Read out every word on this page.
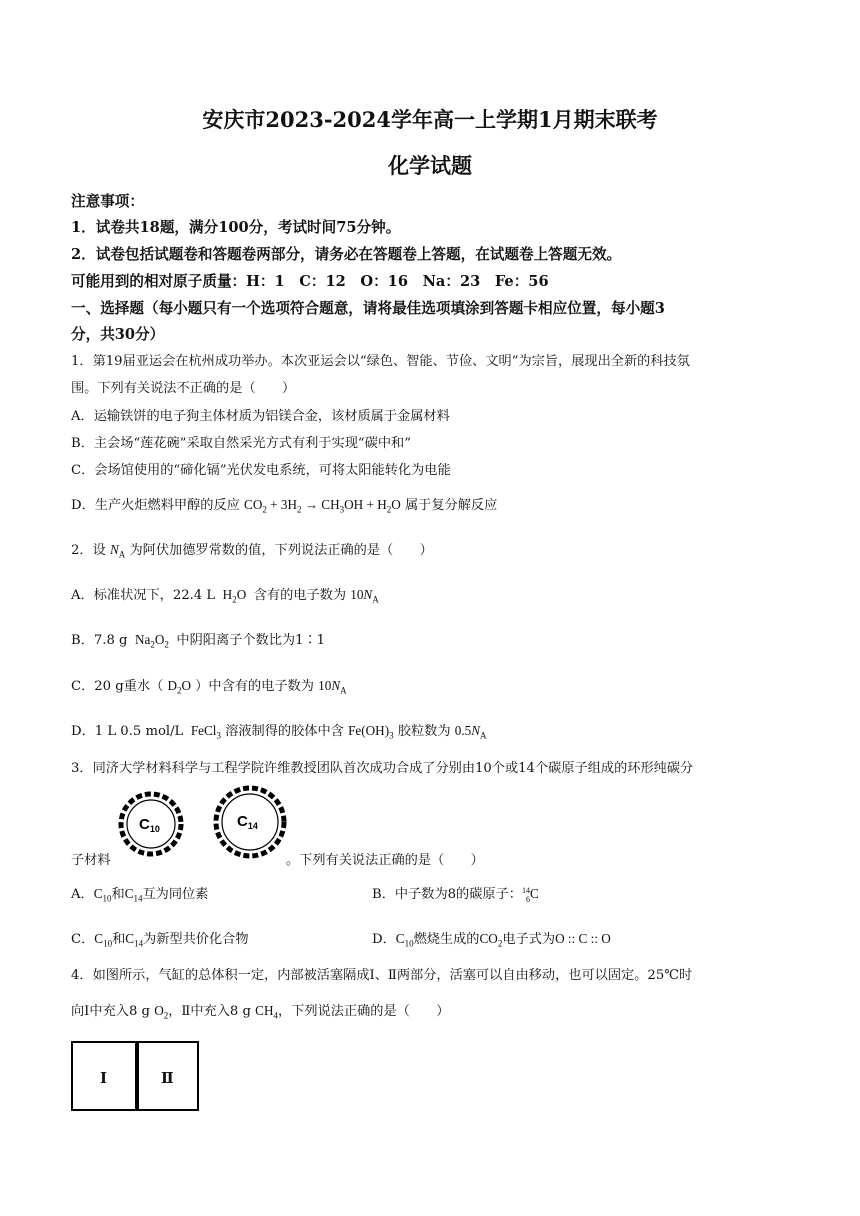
安庆市2023-2024学年高一上学期1月期末联考
化学试题
注意事项：
1．试卷共18题，满分100分，考试时间75分钟。
2．试卷包括试题卷和答题卷两部分，请务必在答题卷上答题，在试题卷上答题无效。
可能用到的相对原子质量：H：1　C：12　O：16　Na：23　Fe：56
一、选择题（每小题只有一个选项符合题意，请将最佳选项填涂到答题卡相应位置，每小题3
分，共30分）
1．第19届亚运会在杭州成功举办。本次亚运会以“绿色、智能、节俭、文明”为宗旨，展现出全新的科技氛
围。下列有关说法不正确的是（　　）
A．运输铁饼的电子狗主体材质为铝镁合金，该材质属于金属材料
B．主会场“莲花碗”采取自然采光方式有利于实现“碳中和”
C．会场馆使用的“碲化镉”光伏发电系统，可将太阳能转化为电能
D．生产火炬燃料甲醇的反应 $CO_2 + 3H_2 \to CH_3OH + H_2O$ 属于复分解反应
2．设 $N_A$ 为阿伏加德罗常数的值，下列说法正确的是（　　）
A．标准状况下，22.4 L  $H_2O$  含有的电子数为 $10N_A$
B．7.8 g  $Na_2O_2$ 中阴阳离子个数比为1∶1
C．20 g重水（ $D_2O$ ）中含有的电子数为 $10N_A$
D．1 L 0.5 mol/L  FeCl$_3$ 溶液制得的胶体中含 $Fe(OH)_3$ 胶粒数为 $0.5N_A$
3．同济大学材料科学与工程学院许维教授团队首次成功合成了分别由10个或14个碳原子组成的环形纯碳分
$C_{10}$	$C_{14}$
子材料	。下列有关说法正确的是（　　）
A．$C_{10}$和$C_{14}$互为同位素	B．中子数为8的碳原子：14
6C
C．$C_{10}$和$C_{14}$为新型共价化合物	D．$C_{10}$燃烧生成的$CO_2$电子式为O :: C :: O
4．如图所示，气缸的总体积一定，内部被活塞隔成Ⅰ、Ⅱ两部分，活塞可以自由移动，也可以固定。25℃时
向Ⅰ中充入8 g $O_2$，Ⅱ中充入8 g $CH_4$，下列说法正确的是（　　）
Ⅰ	Ⅱ
